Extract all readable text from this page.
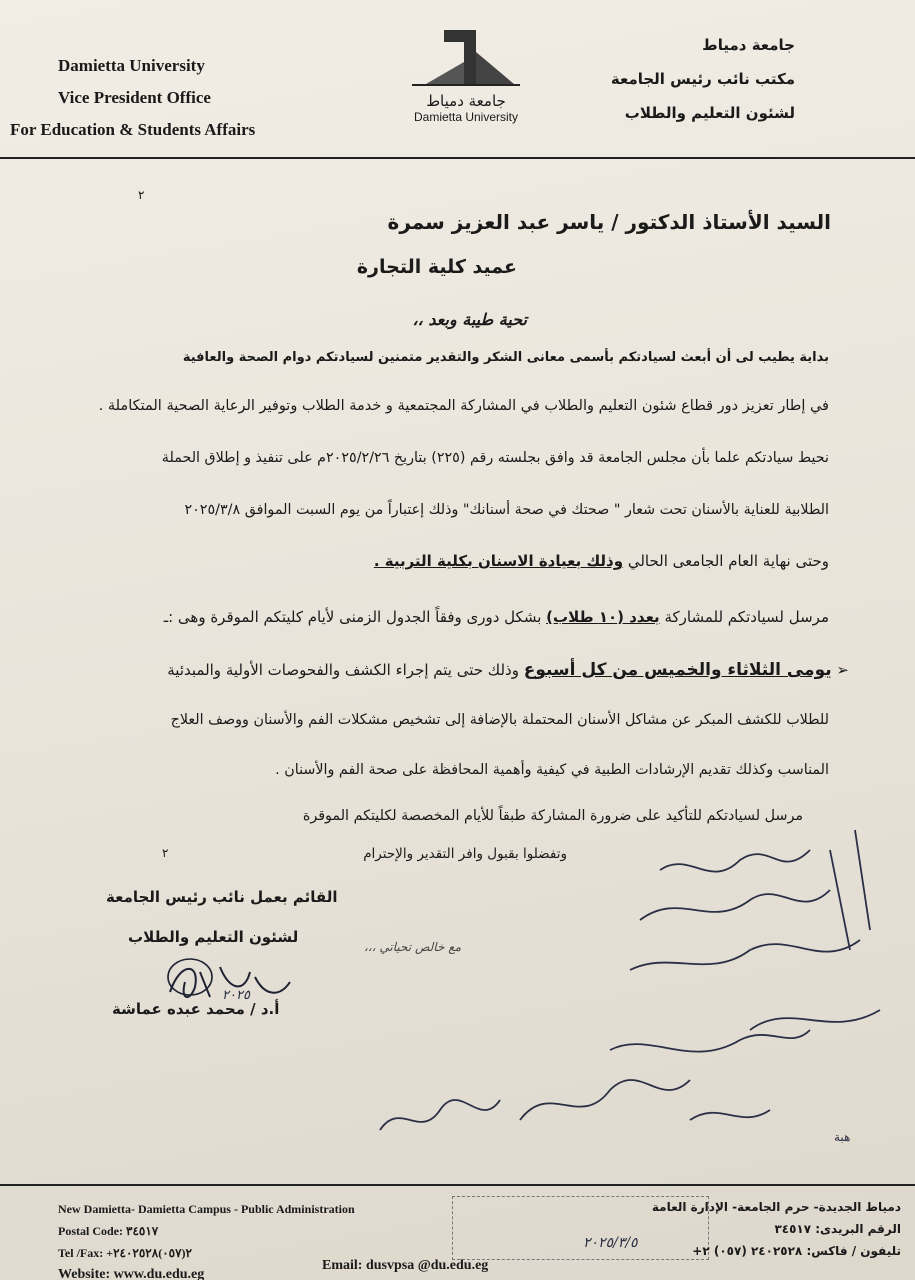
Damietta University
Vice President Office
For Education & Students Affairs
جامعة دمياط
Damietta University
جامعة دمياط
مكتب نائب رئيس الجامعة
لشئون التعليم والطلاب
٢
السيد الأستاذ الدكتور / ياسر عبد العزيز سمرة
عميد كلية التجارة
تحية طيبة وبعد ،،
بداية يطيب لى أن أبعث لسيادتكم بأسمى معانى الشكر والتقدير متمنين لسيادتكم دوام الصحة والعافية
في إطار تعزيز دور قطاع شئون التعليم والطلاب في المشاركة المجتمعية و خدمة الطلاب وتوفير الرعاية الصحية المتكاملة .
نحيط سيادتكم علما بأن مجلس الجامعة قد وافق بجلسته رقم (٢٢٥) بتاريخ ٢٠٢٥/٢/٢٦م على تنفيذ و إطلاق الحملة
الطلابية للعناية بالأسنان تحت شعار " صحتك في صحة أسنانك" وذلك إعتباراً من يوم السبت الموافق ٢٠٢٥/٣/٨
وحتى نهاية العام الجامعى الحالي وذلك بعيادة الاسنان بكلية التربية .
مرسل لسيادتكم للمشاركة بعدد (١٠ طلاب) بشكل دورى وفقاً الجدول الزمنى لأيام كليتكم الموقرة وهى :ـ
➢ يومى الثلاثاء والخميس من كل أسبوع وذلك حتى يتم إجراء الكشف والفحوصات الأولية والمبدئية
للطلاب للكشف المبكر عن مشاكل الأسنان المحتملة بالإضافة إلى تشخيص مشكلات الفم والأسنان ووصف العلاج
المناسب وكذلك تقديم الإرشادات الطبية في كيفية وأهمية المحافظة على صحة الفم والأسنان .
مرسل لسيادتكم للتأكيد على ضرورة المشاركة طبقاً للأيام المخصصة لكليتكم الموقرة
وتفضلوا بقبول وافر التقدير والإحترام
٢
القائم بعمل نائب رئيس الجامعة
لشئون التعليم والطلاب
مع خالص تحياتي ،،،
٢٠٢٥
أ.د / محمد عبده عماشة
هبة
New Damietta- Damietta Campus - Public Administration
Postal Code: ٣٤٥١٧
Tel /Fax: +٢(٠٥٧)٢٤٠٢٥٢٨
Website: www.du.edu.eg
٢٠٢٥/٣/٥
Email: dusvpsa @du.edu.eg
دمياط الجديدة- حرم الجامعة- الإدارة العامة
الرقم البريدى: ٣٤٥١٧
تليفون / فاكس: ٢٤٠٢٥٢٨ (٠٥٧) ٢+
